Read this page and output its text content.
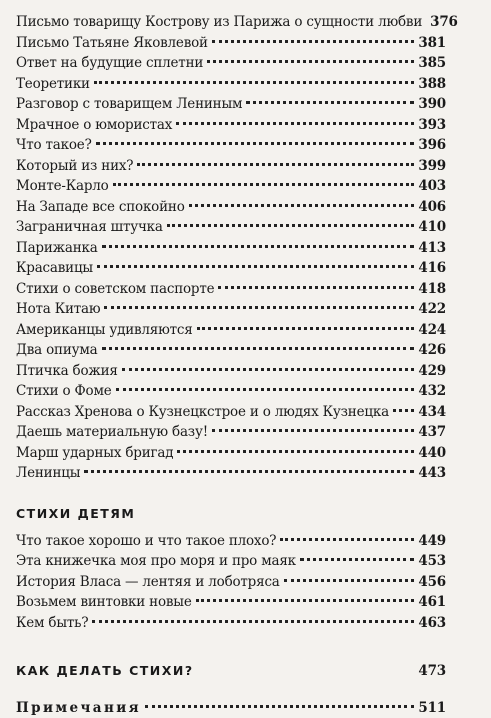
Письмо товарищу Кострову из Парижа о сущности любви 376
Письмо Татьяне Яковлевой	381
Ответ на будущие сплетни	385
Теоретики	388
Разговор с товарищем Лениным	390
Мрачное о юмористах	393
Что такое?	396
Который из них?	399
Монте-Карло	403
На Западе все спокойно	406
Заграничная штучка	410
Парижанка	413
Красавицы	416
Стихи о советском паспорте	418
Нота Китаю	422
Американцы удивляются	424
Два опиума	426
Птичка божия	429
Стихи о Фоме	432
Рассказ Хренова о Кузнецкстрое и о людях Кузнецка 434
Даешь материальную базу!	437
Марш ударных бригад	440
Ленинцы	443
СТИХИ ДЕТЯМ
Что такое хорошо и что такое плохо?	449
Эта книжечка моя про моря и про маяк	453
История Власа — лентяя и лоботряса	456
Возьмем винтовки новые	461
Кем быть?	463
КАК ДЕЛАТЬ СТИХИ?	473
Примечания	511
